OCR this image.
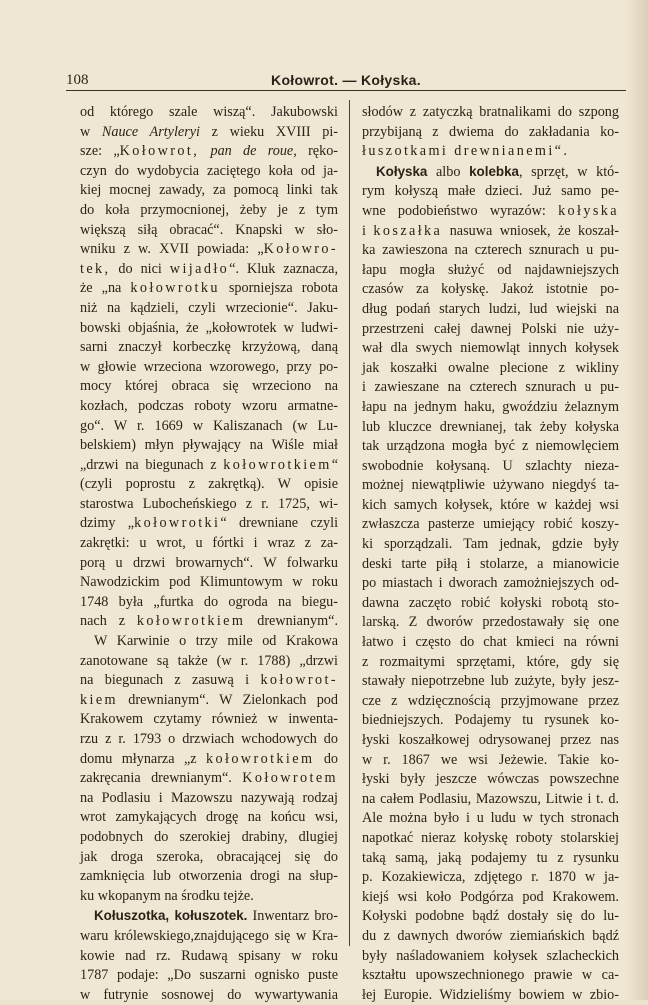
108	Kołowrot. — Kołyska.
od którego szale wiszą“. Jakubowski
w Nauce Artyleryi z wieku XVIII pi-
sze: „Kołowrot, pan de roue, ręko-
czyn do wydobycia zaciętego koła od ja-
kiej mocnej zawady, za pomocą linki tak
do koła przymocnionej, żeby je z tym
większą siłą obracać“. Knapski w sło-
wniku z w. XVII powiada: „Kołowro-
tek, do nici wijadło“. Kluk zaznacza,
że „na kołowrotku sporniejsza robota
niż na kądzieli, czyli wrzecionie“. Jaku-
bowski objaśnia, że „kołowrotek w ludwi-
sarni znaczył korbeczkę krzyżową, daną
w głowie wrzeciona wzorowego, przy po-
mocy której obraca się wrzeciono na
kozłach, podczas roboty wzoru armatne-
go“. W r. 1669 w Kaliszanach (w Lu-
belskiem) młyn pływający na Wiśle miał
„drzwi na biegunach z kołowrotkiem“
(czyli poprostu z zakrętką). W opisie
starostwa Lubocheńskiego z r. 1725, wi-
dzimy „kołowrotki“ drewniane czyli
zakrętki: u wrot, u fórtki i wraz z za-
porą u drzwi browarnych“. W folwarku
Nawodzickim pod Klimuntowym w roku
1748 była „furtka do ogroda na biegu-
nach z kołowrotkiem drewnianym“.
W Karwinie o trzy mile od Krakowa
zanotowane są także (w r. 1788) „drzwi
na biegunach z zasuwą i kołowrot-
kiem drewnianym“. W Zielonkach pod
Krakowem czytamy również w inwenta-
rzu z r. 1793 o drzwiach wchodowych do
domu młynarza „z kołowrotkiem do
zakręcania drewnianym“. Kołowrotem
na Podlasiu i Mazowszu nazywają rodzaj
wrot zamykających drogę na końcu wsi,
podobnych do szerokiej drabiny, dlugiej
jak droga szeroka, obracającej się do
zamknięcia lub otworzenia drogi na słup-
ku wkopanym na środku tejże.
Kołuszotka, kołuszotek. Inwentarz bro-
waru królewskiego,znajdującego się w Kra-
kowie nad rz. Rudawą spisany w roku
1787 podaje: „Do suszarni ognisko puste
w futrynie sosnowej do wywartywania
słodów z zatyczką bratnalikami do szpong
przybijaną z dwiema do zakładania ko-
łuszotkami drewnianemi“.
Kołyska albo kolebka, sprzęt, w któ-
rym kołyszą małe dzieci. Już samo pe-
wne podobieństwo wyrazów: kołyska
i koszałka nasuwa wniosek, że koszał-
ka zawieszona na czterech sznurach u pu-
łapu mogła służyć od najdawniejszych
czasów za kołyskę. Jakoż istotnie po-
dług podań starych ludzi, lud wiejski na
przestrzeni całej dawnej Polski nie uży-
wał dla swych niemowląt innych kołysek
jak koszałki owalne plecione z wikliny
i zawieszane na czterech sznurach u pu-
łapu na jednym haku, gwoździu żelaznym
lub kluczce drewnianej, tak żeby kołyska
tak urządzona mogła być z niemowlęciem
swobodnie kołysaną. U szlachty nieza-
możnej niewątpliwie używano niegdyś ta-
kich samych kołysek, które w każdej wsi
zwłaszcza pasterze umiejący robić koszy-
ki sporządzali. Tam jednak, gdzie były
deski tarte piłą i stolarze, a mianowicie
po miastach i dworach zamożniejszych od-
dawna zaczęto robić kołyski robotą sto-
larską. Z dworów przedostawały się one
łatwo i często do chat kmieci na równi
z rozmaitymi sprzętami, które, gdy się
stawały niepotrzebne lub zużyte, były jesz-
cze z wdzięcznością przyjmowane przez
biedniejszych. Podajemy tu rysunek ko-
łyski koszałkowej odrysowanej przez nas
w r. 1867 we wsi Jeżewie. Takie ko-
łyski były jeszcze wówczas powszechne
na całem Podlasiu, Mazowszu, Litwie i t. d.
Ale można było i u ludu w tych stronach
napotkać nieraz kołyskę roboty stolarskiej
taką samą, jaką podajemy tu z rysunku
p. Kozakiewicza, zdjętego r. 1870 w ja-
kiejś wsi koło Podgórza pod Krakowem.
Kołyski podobne bądź dostały się do lu-
du z dawnych dworów ziemiańskich bądź
były naśladowaniem kołysek szlacheckich
kształtu upowszechnionego prawie w ca-
łej Europie. Widzieliśmy bowiem w zbio-
